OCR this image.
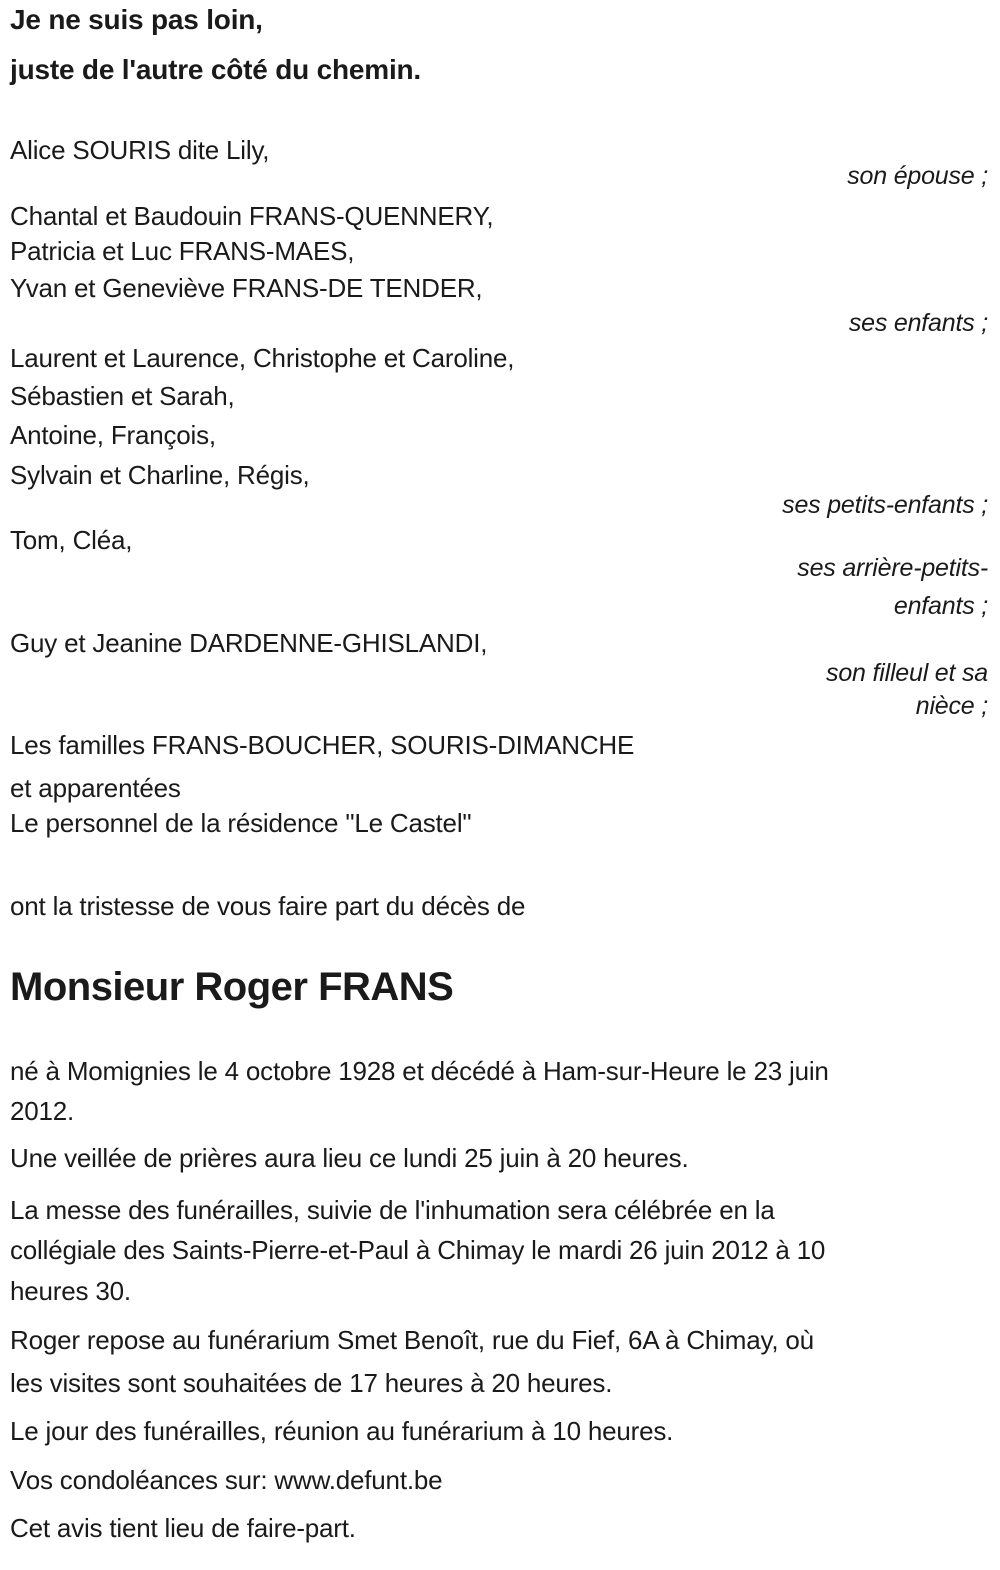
Je ne suis pas loin,
juste de l'autre côté du chemin.
Alice SOURIS dite Lily,
son épouse ;
Chantal et Baudouin FRANS-QUENNERY,
Patricia et Luc FRANS-MAES,
Yvan et Geneviève FRANS-DE TENDER,
ses enfants ;
Laurent et Laurence, Christophe et Caroline,
Sébastien et Sarah,
Antoine, François,
Sylvain et Charline, Régis,
ses petits-enfants ;
Tom, Cléa,
ses arrière-petits-
enfants ;
Guy et Jeanine DARDENNE-GHISLANDI,
son filleul et sa
nièce ;
Les familles FRANS-BOUCHER, SOURIS-DIMANCHE
et apparentées
Le personnel de la résidence "Le Castel"
ont la tristesse de vous faire part du décès de
Monsieur Roger FRANS
né à Momignies le 4 octobre 1928 et décédé à Ham-sur-Heure le 23 juin
2012.
Une veillée de prières aura lieu ce lundi 25 juin à 20 heures.
La messe des funérailles, suivie de l'inhumation sera célébrée en la
collégiale des Saints-Pierre-et-Paul à Chimay le mardi 26 juin 2012 à 10
heures 30.
Roger repose au funérarium Smet Benoît, rue du Fief, 6A à Chimay, où
les visites sont souhaitées de 17 heures à 20 heures.
Le jour des funérailles, réunion au funérarium à 10 heures.
Vos condoléances sur: www.defunt.be
Cet avis tient lieu de faire-part.
